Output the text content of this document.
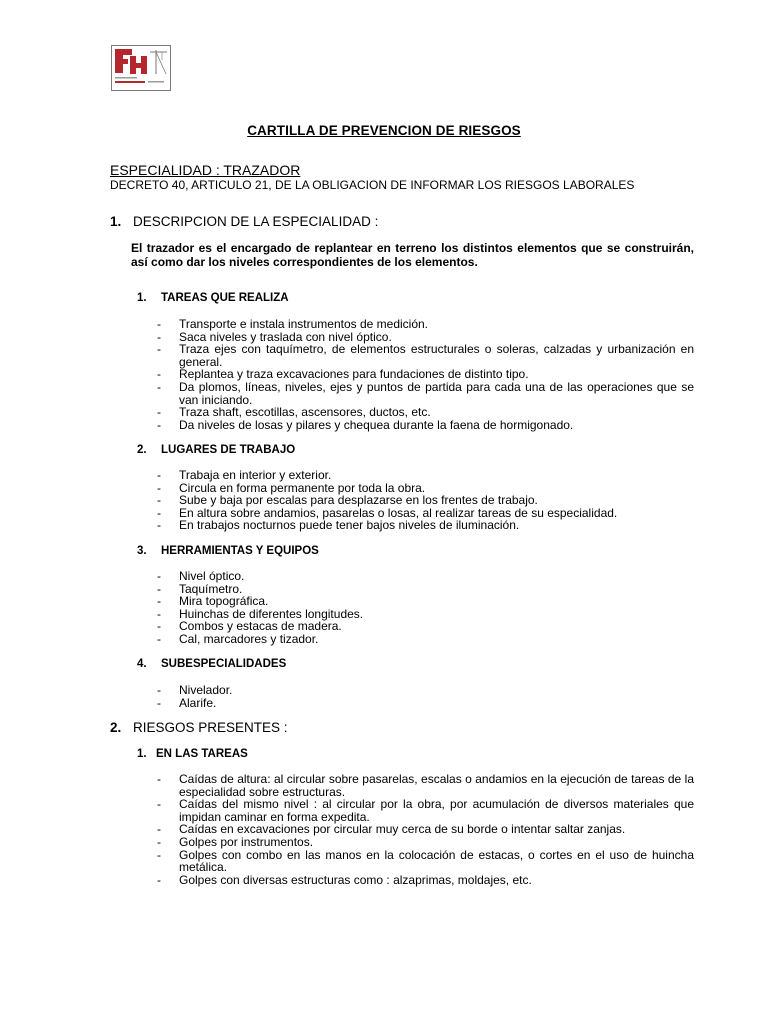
CARTILLA DE PREVENCION DE RIESGOS
ESPECIALIDAD : TRAZADOR
DECRETO 40, ARTICULO 21, DE LA OBLIGACION DE INFORMAR LOS RIESGOS LABORALES
1. DESCRIPCION DE LA ESPECIALIDAD :
El trazador es el encargado de replantear en terreno los distintos elementos que se construirán, así como dar los niveles correspondientes de los elementos.
1. TAREAS QUE REALIZA
- Transporte e instala instrumentos de medición.
- Saca niveles y traslada con nivel óptico.
- Traza ejes con taquímetro, de elementos estructurales o soleras, calzadas y urbanización en general.
- Replantea y traza excavaciones para fundaciones de distinto tipo.
- Da plomos, líneas, niveles, ejes y puntos de partida para cada una de las operaciones que se van iniciando.
- Traza shaft, escotillas, ascensores, ductos, etc.
- Da niveles de losas y pilares y chequea durante la faena de hormigonado.
2. LUGARES DE TRABAJO
- Trabaja en interior y exterior.
- Circula en forma permanente por toda la obra.
- Sube y baja por escalas para desplazarse en los frentes de trabajo.
- En altura sobre andamios, pasarelas o losas, al realizar tareas de su especialidad.
- En trabajos nocturnos puede tener bajos niveles de iluminación.
3. HERRAMIENTAS Y EQUIPOS
- Nivel óptico.
- Taquímetro.
- Mira topográfica.
- Huinchas de diferentes longitudes.
- Combos y estacas de madera.
- Cal, marcadores y tizador.
4. SUBESPECIALIDADES
- Nivelador.
- Alarife.
2. RIESGOS PRESENTES :
1. EN LAS TAREAS
- Caídas de altura: al circular sobre pasarelas, escalas o andamios en la ejecución de tareas de la especialidad sobre estructuras.
- Caídas del mismo nivel : al circular por la obra, por acumulación de diversos materiales que impidan caminar en forma expedita.
- Caídas en excavaciones por circular muy cerca de su borde o intentar saltar zanjas.
- Golpes por instrumentos.
- Golpes con combo en las manos en la colocación de estacas, o cortes en el uso de huincha metálica.
- Golpes con diversas estructuras como : alzaprimas, moldajes, etc.
